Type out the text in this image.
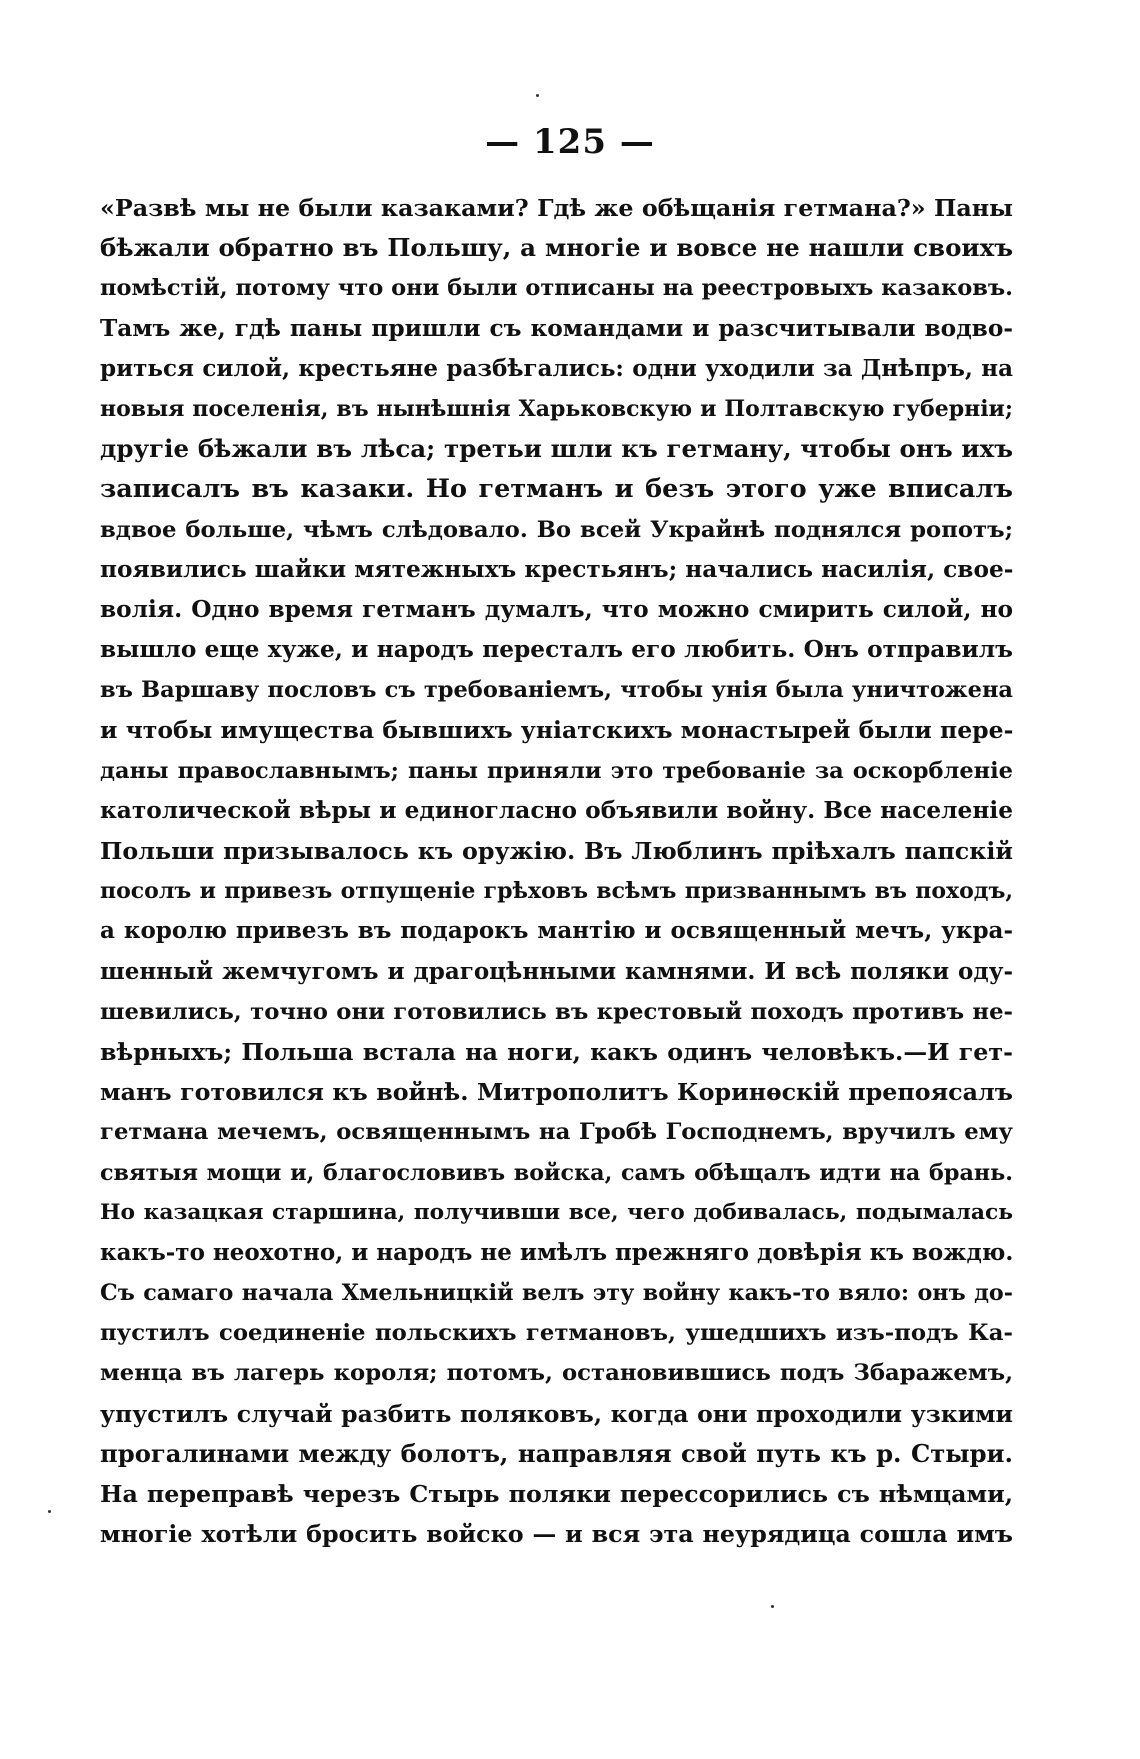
— 125 —
«Развѣ мы не были казаками? Гдѣ же обѣщанія гетмана?» Паны
бѣжали обратно въ Польшу, а многіе и вовсе не нашли своихъ
помѣстій, потому что они были отписаны на реестровыхъ казаковъ.
Тамъ же, гдѣ паны пришли съ командами и разсчитывали водво-
риться силой, крестьяне разбѣгались: одни уходили за Днѣпръ, на
новыя поселенія, въ нынѣшнія Харьковскую и Полтавскую губерніи;
другіе бѣжали въ лѣса; третьи шли къ гетману, чтобы онъ ихъ
записалъ въ казаки. Но гетманъ и безъ этого уже вписалъ
вдвое больше, чѣмъ слѣдовало. Во всей Украйнѣ поднялся ропотъ;
появились шайки мятежныхъ крестьянъ; начались насилія, свое-
волія. Одно время гетманъ думалъ, что можно смирить силой, но
вышло еще хуже, и народъ пересталъ его любить. Онъ отправилъ
въ Варшаву пословъ съ требованіемъ, чтобы унія была уничтожена
и чтобы имущества бывшихъ уніатскихъ монастырей были пере-
даны православнымъ; паны приняли это требованіе за оскорбленіе
католической вѣры и единогласно объявили войну. Все населеніе
Польши призывалось къ оружію. Въ Люблинъ пріѣхалъ папскій
посолъ и привезъ отпущеніе грѣховъ всѣмъ призваннымъ въ походъ,
а королю привезъ въ подарокъ мантію и освященный мечъ, укра-
шенный жемчугомъ и драгоцѣнными камнями. И всѣ поляки оду-
шевились, точно они готовились въ крестовый походъ противъ не-
вѣрныхъ; Польша встала на ноги, какъ одинъ человѣкъ.—И гет-
манъ готовился къ войнѣ. Митрополитъ Коринѳскій препоясалъ
гетмана мечемъ, освященнымъ на Гробѣ Господнемъ, вручилъ ему
святыя мощи и, благословивъ войска, самъ обѣщалъ идти на брань.
Но казацкая старшина, получивши все, чего добивалась, подымалась
какъ-то неохотно, и народъ не имѣлъ прежняго довѣрія къ вождю.
Съ самаго начала Хмельницкій велъ эту войну какъ-то вяло: онъ до-
пустилъ соединеніе польскихъ гетмановъ, ушедшихъ изъ-подъ Ка-
менца въ лагерь короля; потомъ, остановившись подъ Збаражемъ,
упустилъ случай разбить поляковъ, когда они проходили узкими
прогалинами между болотъ, направляя свой путь къ р. Стыри.
На переправѣ черезъ Стырь поляки перессорились съ нѣмцами,
многіе хотѣли бросить войско — и вся эта неурядица сошла имъ
